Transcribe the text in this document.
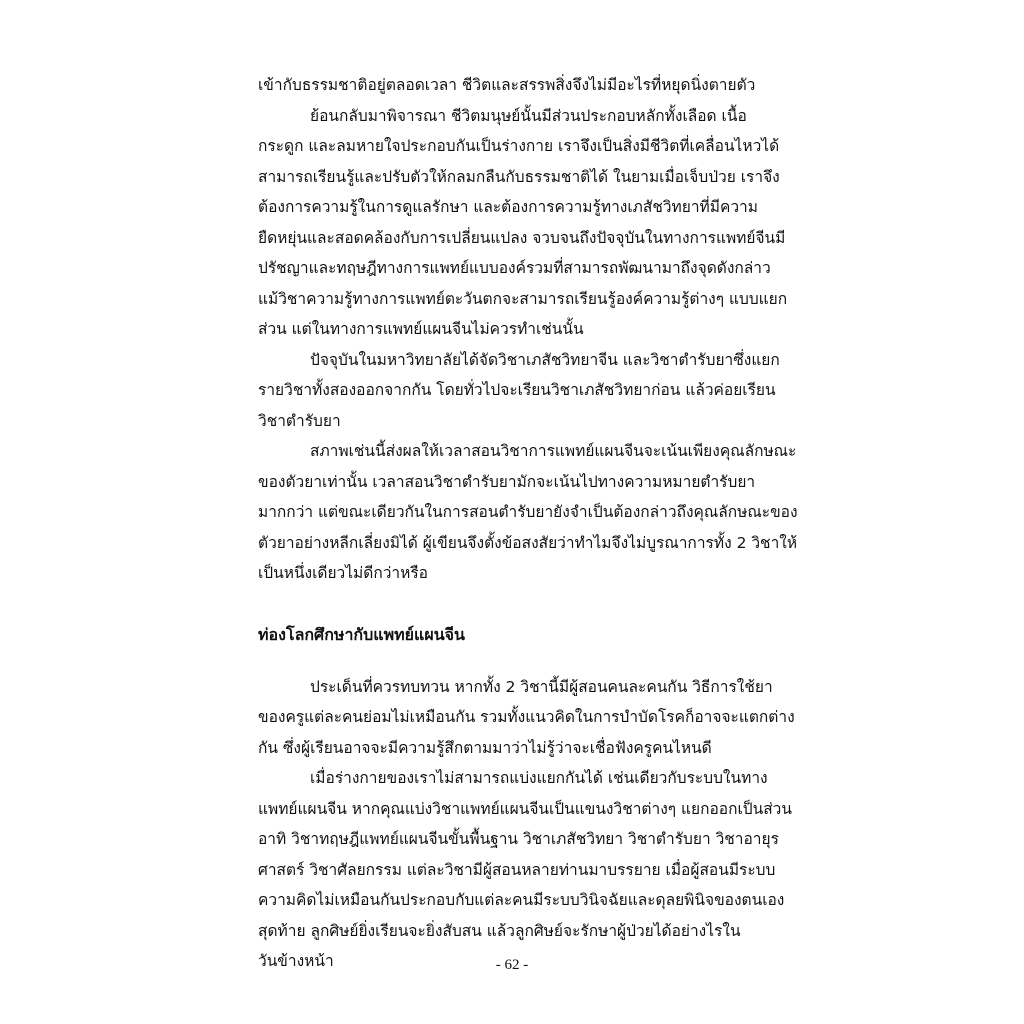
เข้ากับธรรมชาติอยู่ตลอดเวลา ชีวิตและสรรพสิ่งจึงไม่มีอะไรที่หยุดนิ่งตายตัว
ย้อนกลับมาพิจารณา ชีวิตมนุษย์นั้นมีส่วนประกอบหลักทั้งเลือด เนื้อ
กระดูก และลมหายใจประกอบกันเป็นร่างกาย เราจึงเป็นสิ่งมีชีวิตที่เคลื่อนไหวได้
สามารถเรียนรู้และปรับตัวให้กลมกลืนกับธรรมชาติได้ ในยามเมื่อเจ็บป่วย เราจึง
ต้องการความรู้ในการดูแลรักษา และต้องการความรู้ทางเภสัชวิทยาที่มีความ
ยืดหยุ่นและสอดคล้องกับการเปลี่ยนแปลง จวบจนถึงปัจจุบันในทางการแพทย์จีนมี
ปรัชญาและทฤษฎีทางการแพทย์แบบองค์รวมที่สามารถพัฒนามาถึงจุดดังกล่าว
แม้วิชาความรู้ทางการแพทย์ตะวันตกจะสามารถเรียนรู้องค์ความรู้ต่างๆ แบบแยก
ส่วน แต่ในทางการแพทย์แผนจีนไม่ควรทำเช่นนั้น
ปัจจุบันในมหาวิทยาลัยได้จัดวิชาเภสัชวิทยาจีน และวิชาตำรับยาซึ่งแยก
รายวิชาทั้งสองออกจากกัน โดยทั่วไปจะเรียนวิชาเภสัชวิทยาก่อน แล้วค่อยเรียน
วิชาตำรับยา
สภาพเช่นนี้ส่งผลให้เวลาสอนวิชาการแพทย์แผนจีนจะเน้นเพียงคุณลักษณะ
ของตัวยาเท่านั้น เวลาสอนวิชาตำรับยามักจะเน้นไปทางความหมายตำรับยา
มากกว่า แต่ขณะเดียวกันในการสอนตำรับยายังจำเป็นต้องกล่าวถึงคุณลักษณะของ
ตัวยาอย่างหลีกเลี่ยงมิได้ ผู้เขียนจึงตั้งข้อสงสัยว่าทำไมจึงไม่บูรณาการทั้ง 2 วิชาให้
เป็นหนึ่งเดียวไม่ดีกว่าหรือ
ท่องโลกศึกษากับแพทย์แผนจีน
ประเด็นที่ควรทบทวน หากทั้ง 2 วิชานี้มีผู้สอนคนละคนกัน วิธีการใช้ยา
ของครูแต่ละคนย่อมไม่เหมือนกัน รวมทั้งแนวคิดในการบำบัดโรคก็อาจจะแตกต่าง
กัน ซึ่งผู้เรียนอาจจะมีความรู้สึกตามมาว่าไม่รู้ว่าจะเชื่อฟังครูคนไหนดี
เมื่อร่างกายของเราไม่สามารถแบ่งแยกกันได้ เช่นเดียวกับระบบในทาง
แพทย์แผนจีน หากคุณแบ่งวิชาแพทย์แผนจีนเป็นแขนงวิชาต่างๆ แยกออกเป็นส่วน
อาทิ วิชาทฤษฎีแพทย์แผนจีนขั้นพื้นฐาน วิชาเภสัชวิทยา วิชาตำรับยา วิชาอายุร
ศาสตร์ วิชาศัลยกรรม แต่ละวิชามีผู้สอนหลายท่านมาบรรยาย เมื่อผู้สอนมีระบบ
ความคิดไม่เหมือนกันประกอบกับแต่ละคนมีระบบวินิจฉัยและดุลยพินิจของตนเอง
สุดท้าย ลูกศิษย์ยิ่งเรียนจะยิ่งสับสน แล้วลูกศิษย์จะรักษาผู้ป่วยได้อย่างไรใน
วันข้างหน้า	- 62 -
